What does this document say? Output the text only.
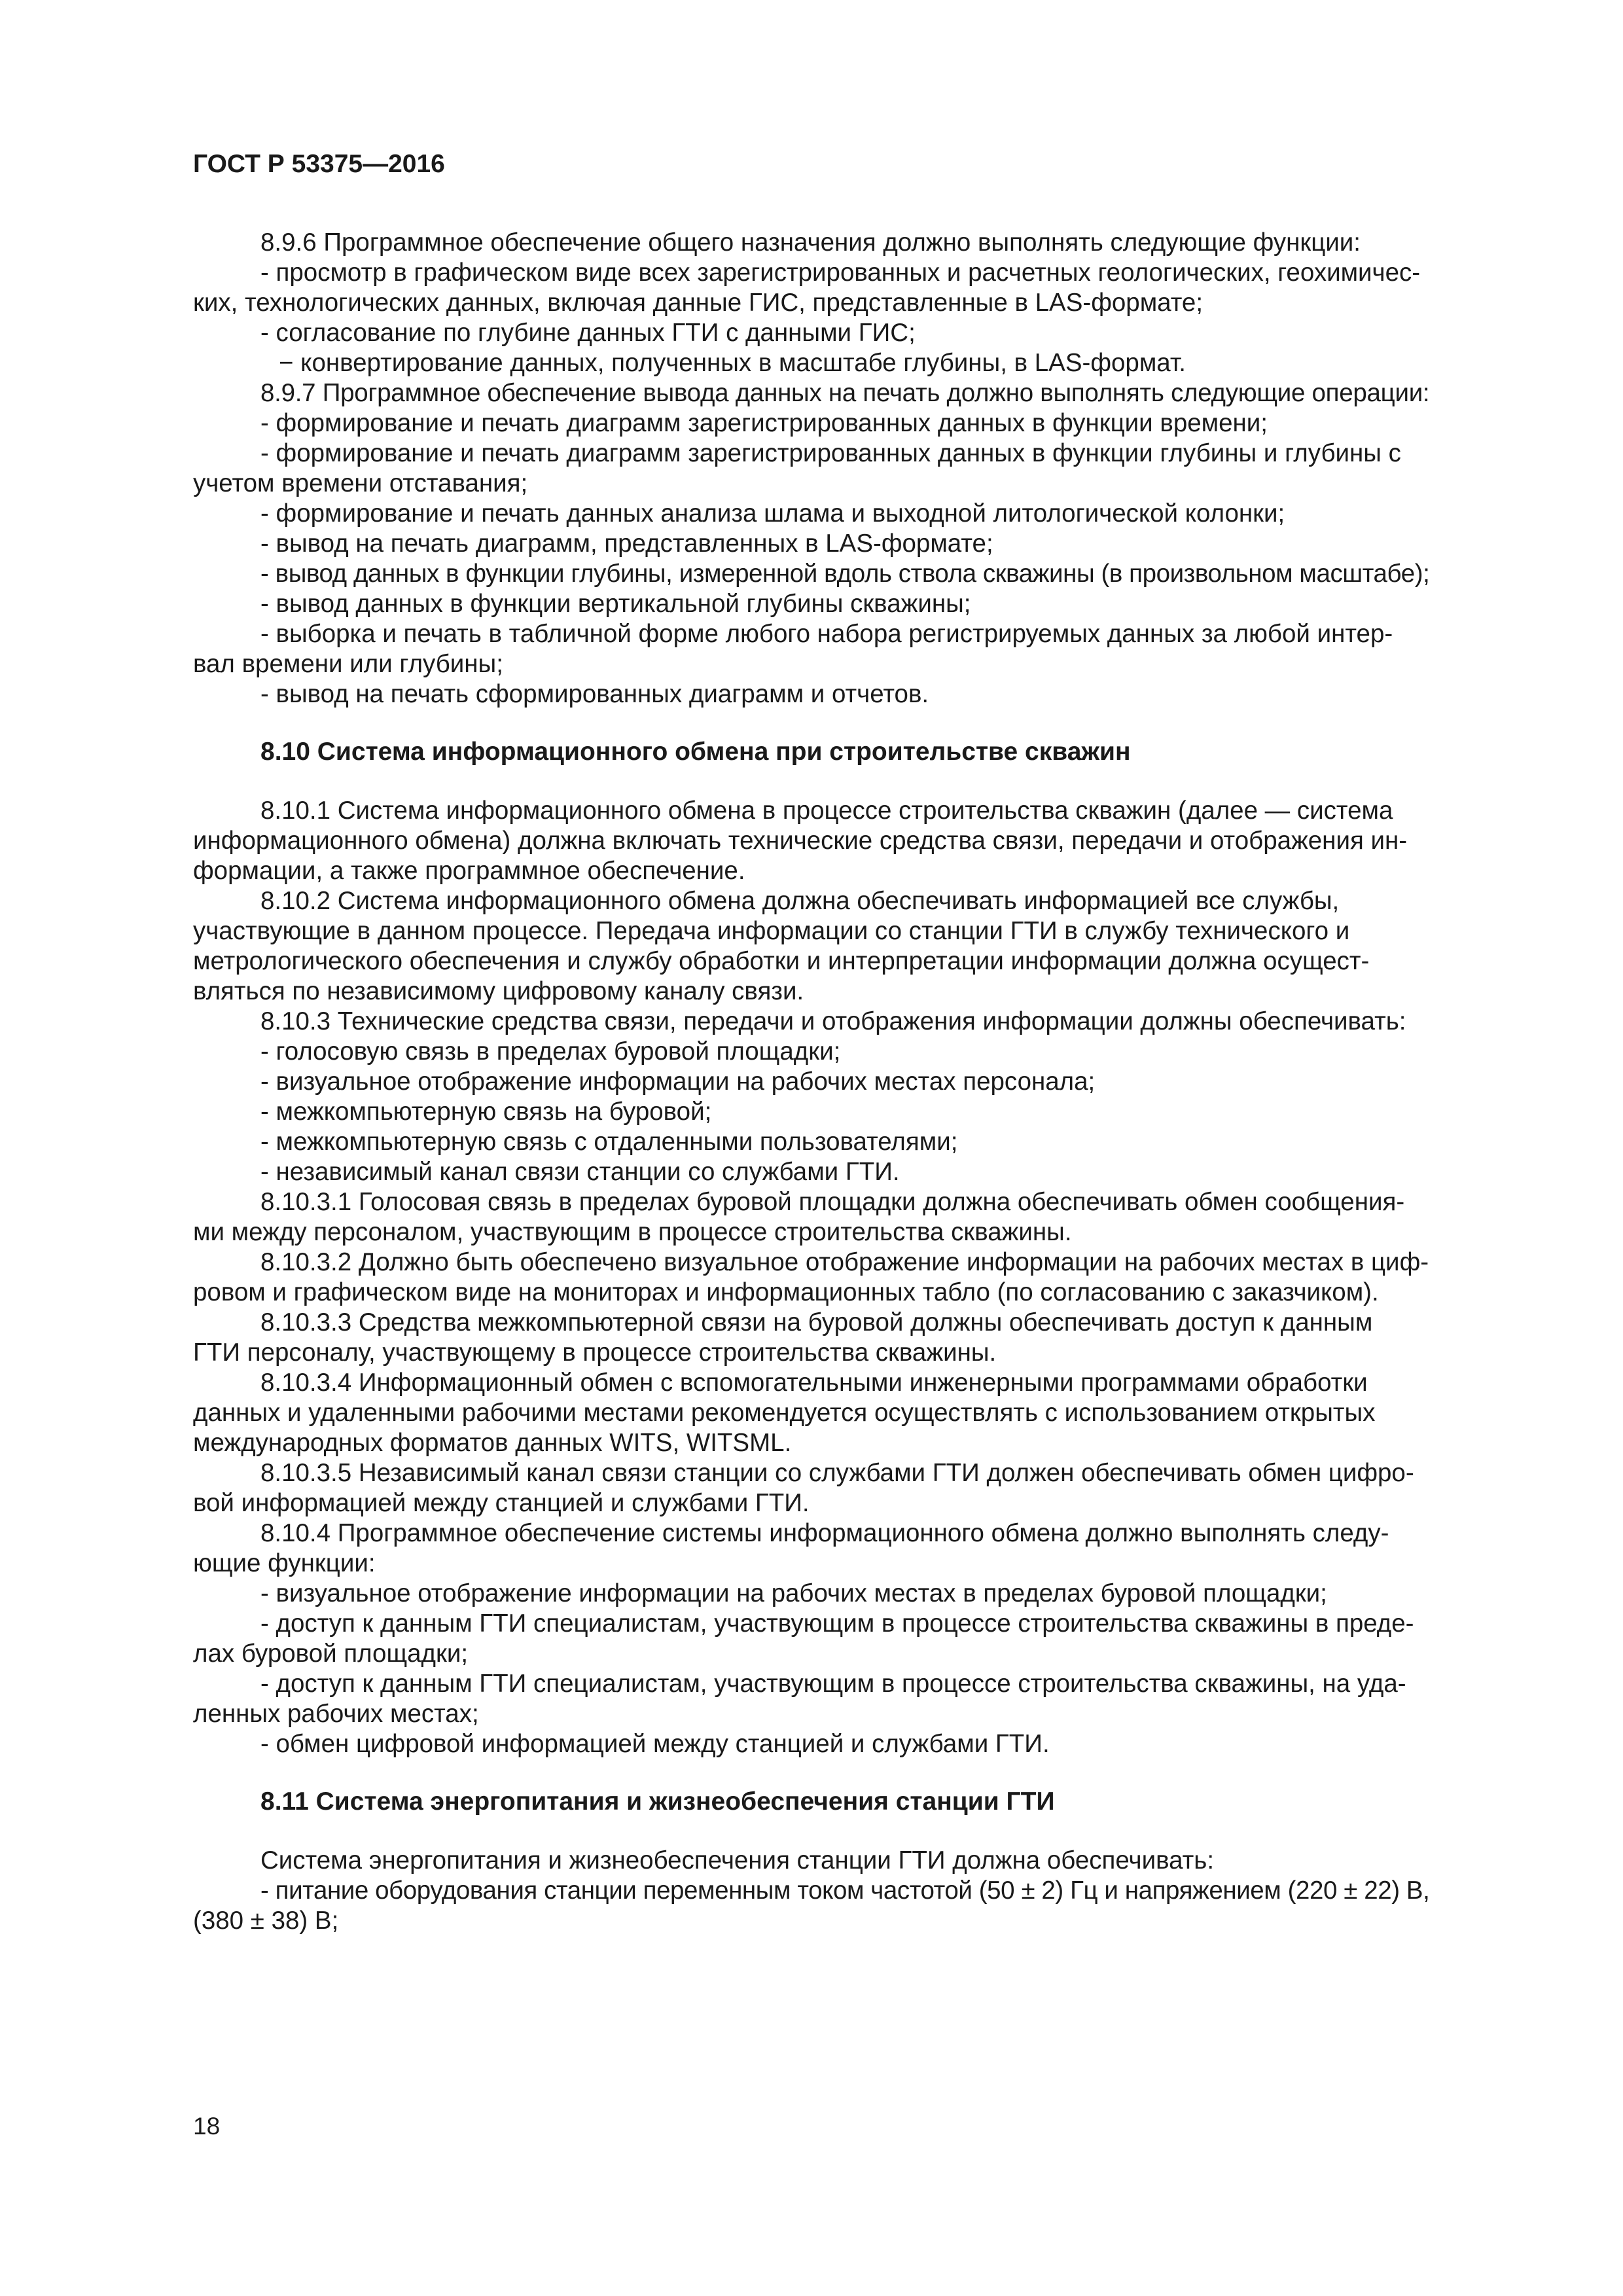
ГОСТ Р 53375—2016

8.9.6 Программное обеспечение общего назначения должно выполнять следующие функции:

- просмотр в графическом виде всех зарегистрированных и расчетных геологических, геохимичес-

ких, технологических данных, включая данные ГИС, представленные в LAS-формате;

- согласование по глубине данных ГТИ с данными ГИС;

− конвертирование данных, полученных в масштабе глубины, в LAS-формат.

8.9.7 Программное обеспечение вывода данных на печать должно выполнять следующие операции:

- формирование и печать диаграмм зарегистрированных данных в функции времени;

- формирование и печать диаграмм зарегистрированных данных в функции глубины и глубины с

учетом времени отставания;

- формирование и печать данных анализа шлама и выходной литологической колонки;

- вывод на печать диаграмм, представленных в LAS-формате;

- вывод данных в функции глубины, измеренной вдоль ствола скважины (в произвольном масштабе);

- вывод данных в функции вертикальной глубины скважины;

- выборка и печать в табличной форме любого набора регистрируемых данных за любой интер-

вал времени или глубины;

- вывод на печать сформированных диаграмм и отчетов.

8.10 Система информационного обмена при строительстве скважин

8.10.1 Система информационного обмена в процессе строительства скважин (далее — система

информационного обмена) должна включать технические средства связи, передачи и отображения ин-

формации, а также программное обеспечение.

8.10.2 Система информационного обмена должна обеспечивать информацией все службы,

участвующие в данном процессе. Передача информации со станции ГТИ в службу технического и

метрологического обеспечения и службу обработки и интерпретации информации должна осущест-

вляться по независимому цифровому каналу связи.

8.10.3 Технические средства связи, передачи и отображения информации должны обеспечивать:

- голосовую связь в пределах буровой площадки;

- визуальное отображение информации на рабочих местах персонала;

- межкомпьютерную связь на буровой;

- межкомпьютерную связь с отдаленными пользователями;

- независимый канал связи станции со службами ГТИ.

8.10.3.1 Голосовая связь в пределах буровой площадки должна обеспечивать обмен сообщения-

ми между персоналом, участвующим в процессе строительства скважины.

8.10.3.2 Должно быть обеспечено визуальное отображение информации на рабочих местах в циф-

ровом и графическом виде на мониторах и информационных табло (по согласованию с заказчиком).

8.10.3.3 Средства межкомпьютерной связи на буровой должны обеспечивать доступ к данным

ГТИ персоналу, участвующему в процессе строительства скважины.

8.10.3.4 Информационный обмен с вспомогательными инженерными программами обработки

данных и удаленными рабочими местами рекомендуется осуществлять с использованием открытых

международных форматов данных WITS, WITSML.

8.10.3.5 Независимый канал связи станции со службами ГТИ должен обеспечивать обмен цифро-

вой информацией между станцией и службами ГТИ.

8.10.4 Программное обеспечение системы информационного обмена должно выполнять следу-

ющие функции:

- визуальное отображение информации на рабочих местах в пределах буровой площадки;

- доступ к данным ГТИ специалистам, участвующим в процессе строительства скважины в преде-

лах буровой площадки;

- доступ к данным ГТИ специалистам, участвующим в процессе строительства скважины, на уда-

ленных рабочих местах;

- обмен цифровой информацией между станцией и службами ГТИ.

8.11 Система энергопитания и жизнеобеспечения станции ГТИ

Система энергопитания и жизнеобеспечения станции ГТИ должна обеспечивать:

- питание оборудования станции переменным током частотой (50 ± 2) Гц и напряжением (220 ± 22) В,

(380 ± 38) В;

18
